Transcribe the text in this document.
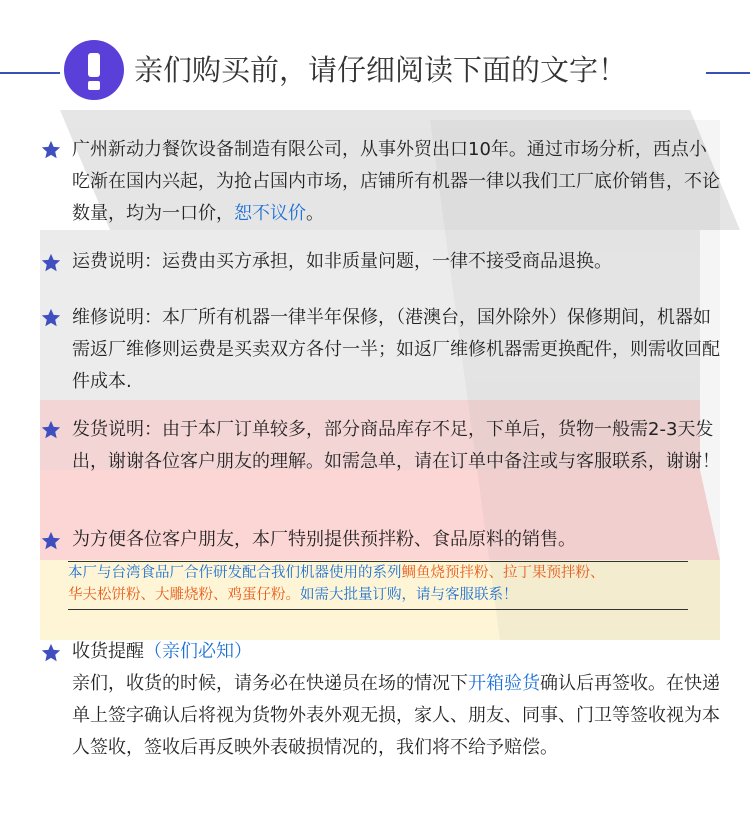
亲们购买前，请仔细阅读下面的文字！

广州新动力餐饮设备制造有限公司，从事外贸出口10年。通过市场分析，西点小吃渐在国内兴起，为抢占国内市场，店铺所有机器一律以我们工厂底价销售，不论数量，均为一口价，恕不议价。

运费说明：运费由买方承担，如非质量问题，一律不接受商品退换。

维修说明：本厂所有机器一律半年保修，（港澳台，国外除外）保修期间，机器如需返厂维修则运费是买卖双方各付一半；如返厂维修机器需更换配件，则需收回配件成本.

发货说明：由于本厂订单较多，部分商品库存不足，下单后，货物一般需2-3天发出，谢谢各位客户朋友的理解。如需急单，请在订单中备注或与客服联系，谢谢！

为方便各位客户朋友，本厂特别提供预拌粉、食品原料的销售。

本厂与台湾食品厂合作研发配合我们机器使用的系列鲷鱼烧预拌粉、拉丁果预拌粉、
华夫松饼粉、大雕烧粉、鸡蛋仔粉。如需大批量订购，请与客服联系！

收货提醒（亲们必知）

亲们，收货的时候，请务必在快递员在场的情况下开箱验货确认后再签收。在快递单上签字确认后将视为货物外表外观无损，家人、朋友、同事、门卫等签收视为本人签收，签收后再反映外表破损情况的，我们将不给予赔偿。
